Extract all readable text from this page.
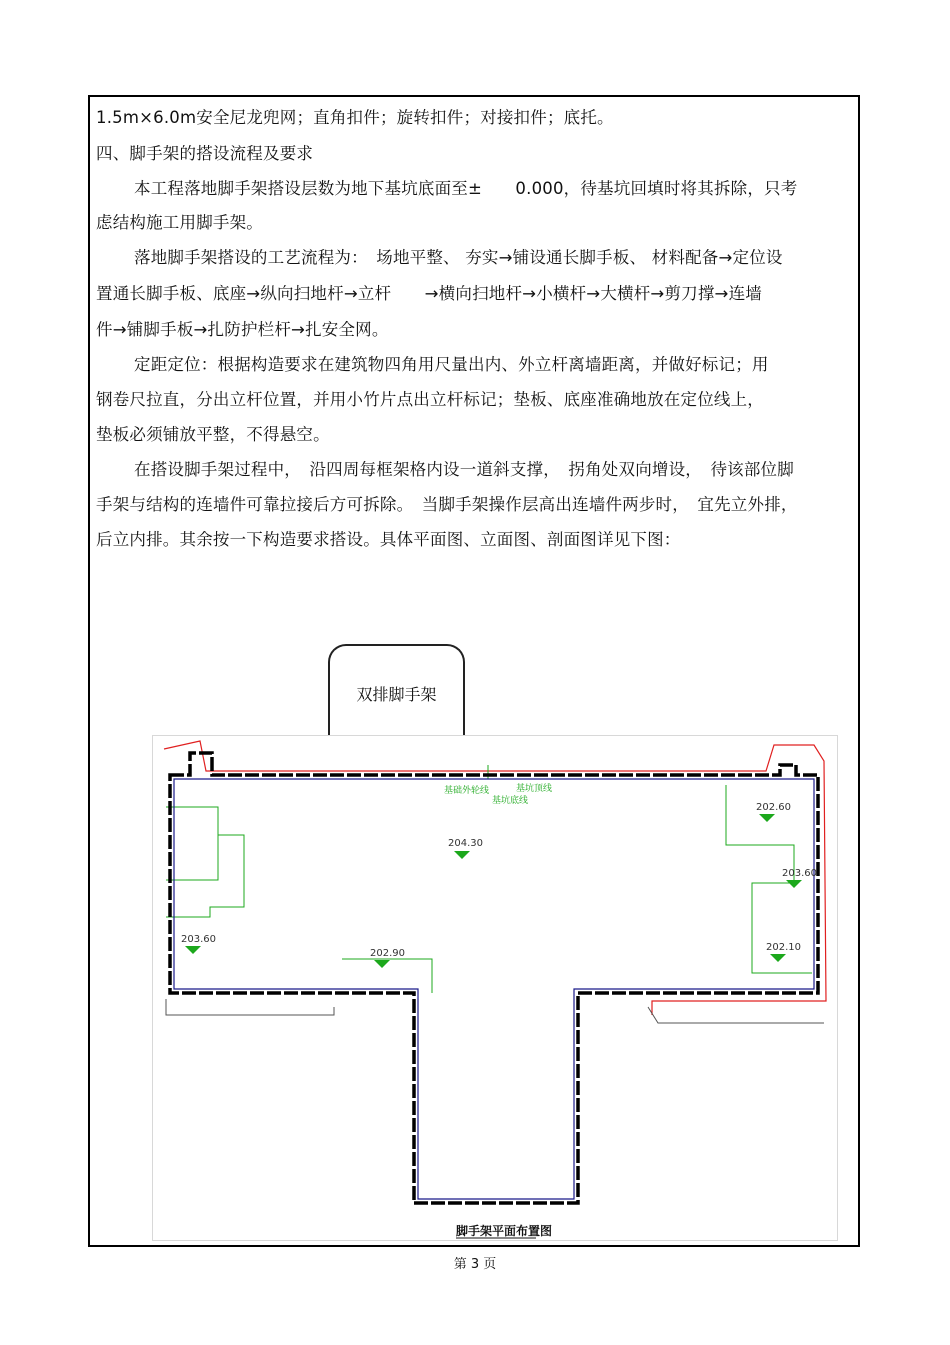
1.5m×6.0m安全尼龙兜网；直角扣件；旋转扣件；对接扣件；底托。
四、脚手架的搭设流程及要求
本工程落地脚手架搭设层数为地下基坑底面至±　　0.000，待基坑回填时将其拆除，只考
虑结构施工用脚手架。
落地脚手架搭设的工艺流程为：　场地平整、 夯实→铺设通长脚手板、 材料配备→定位设
置通长脚手板、底座→纵向扫地杆→立杆　　→横向扫地杆→小横杆→大横杆→剪刀撑→连墙
件→铺脚手板→扎防护栏杆→扎安全网。
定距定位：根据构造要求在建筑物四角用尺量出内、外立杆离墙距离，并做好标记；用
钢卷尺拉直，分出立杆位置，并用小竹片点出立杆标记；垫板、底座准确地放在定位线上，
垫板必须铺放平整，不得悬空。
在搭设脚手架过程中，　沿四周每框架格内设一道斜支撑，　拐角处双向增设，　待该部位脚
手架与结构的连墙件可靠拉接后方可拆除。　当脚手架操作层高出连墙件两步时，　宜先立外排，
后立内排。其余按一下构造要求搭设。具体平面图、立面图、剖面图详见下图：
双排脚手架
基础外轮线
基坑底线
基坑顶线
204.30
202.60
203.60
203.60
202.90
202.10
脚手架平面布置图
第 3 页
